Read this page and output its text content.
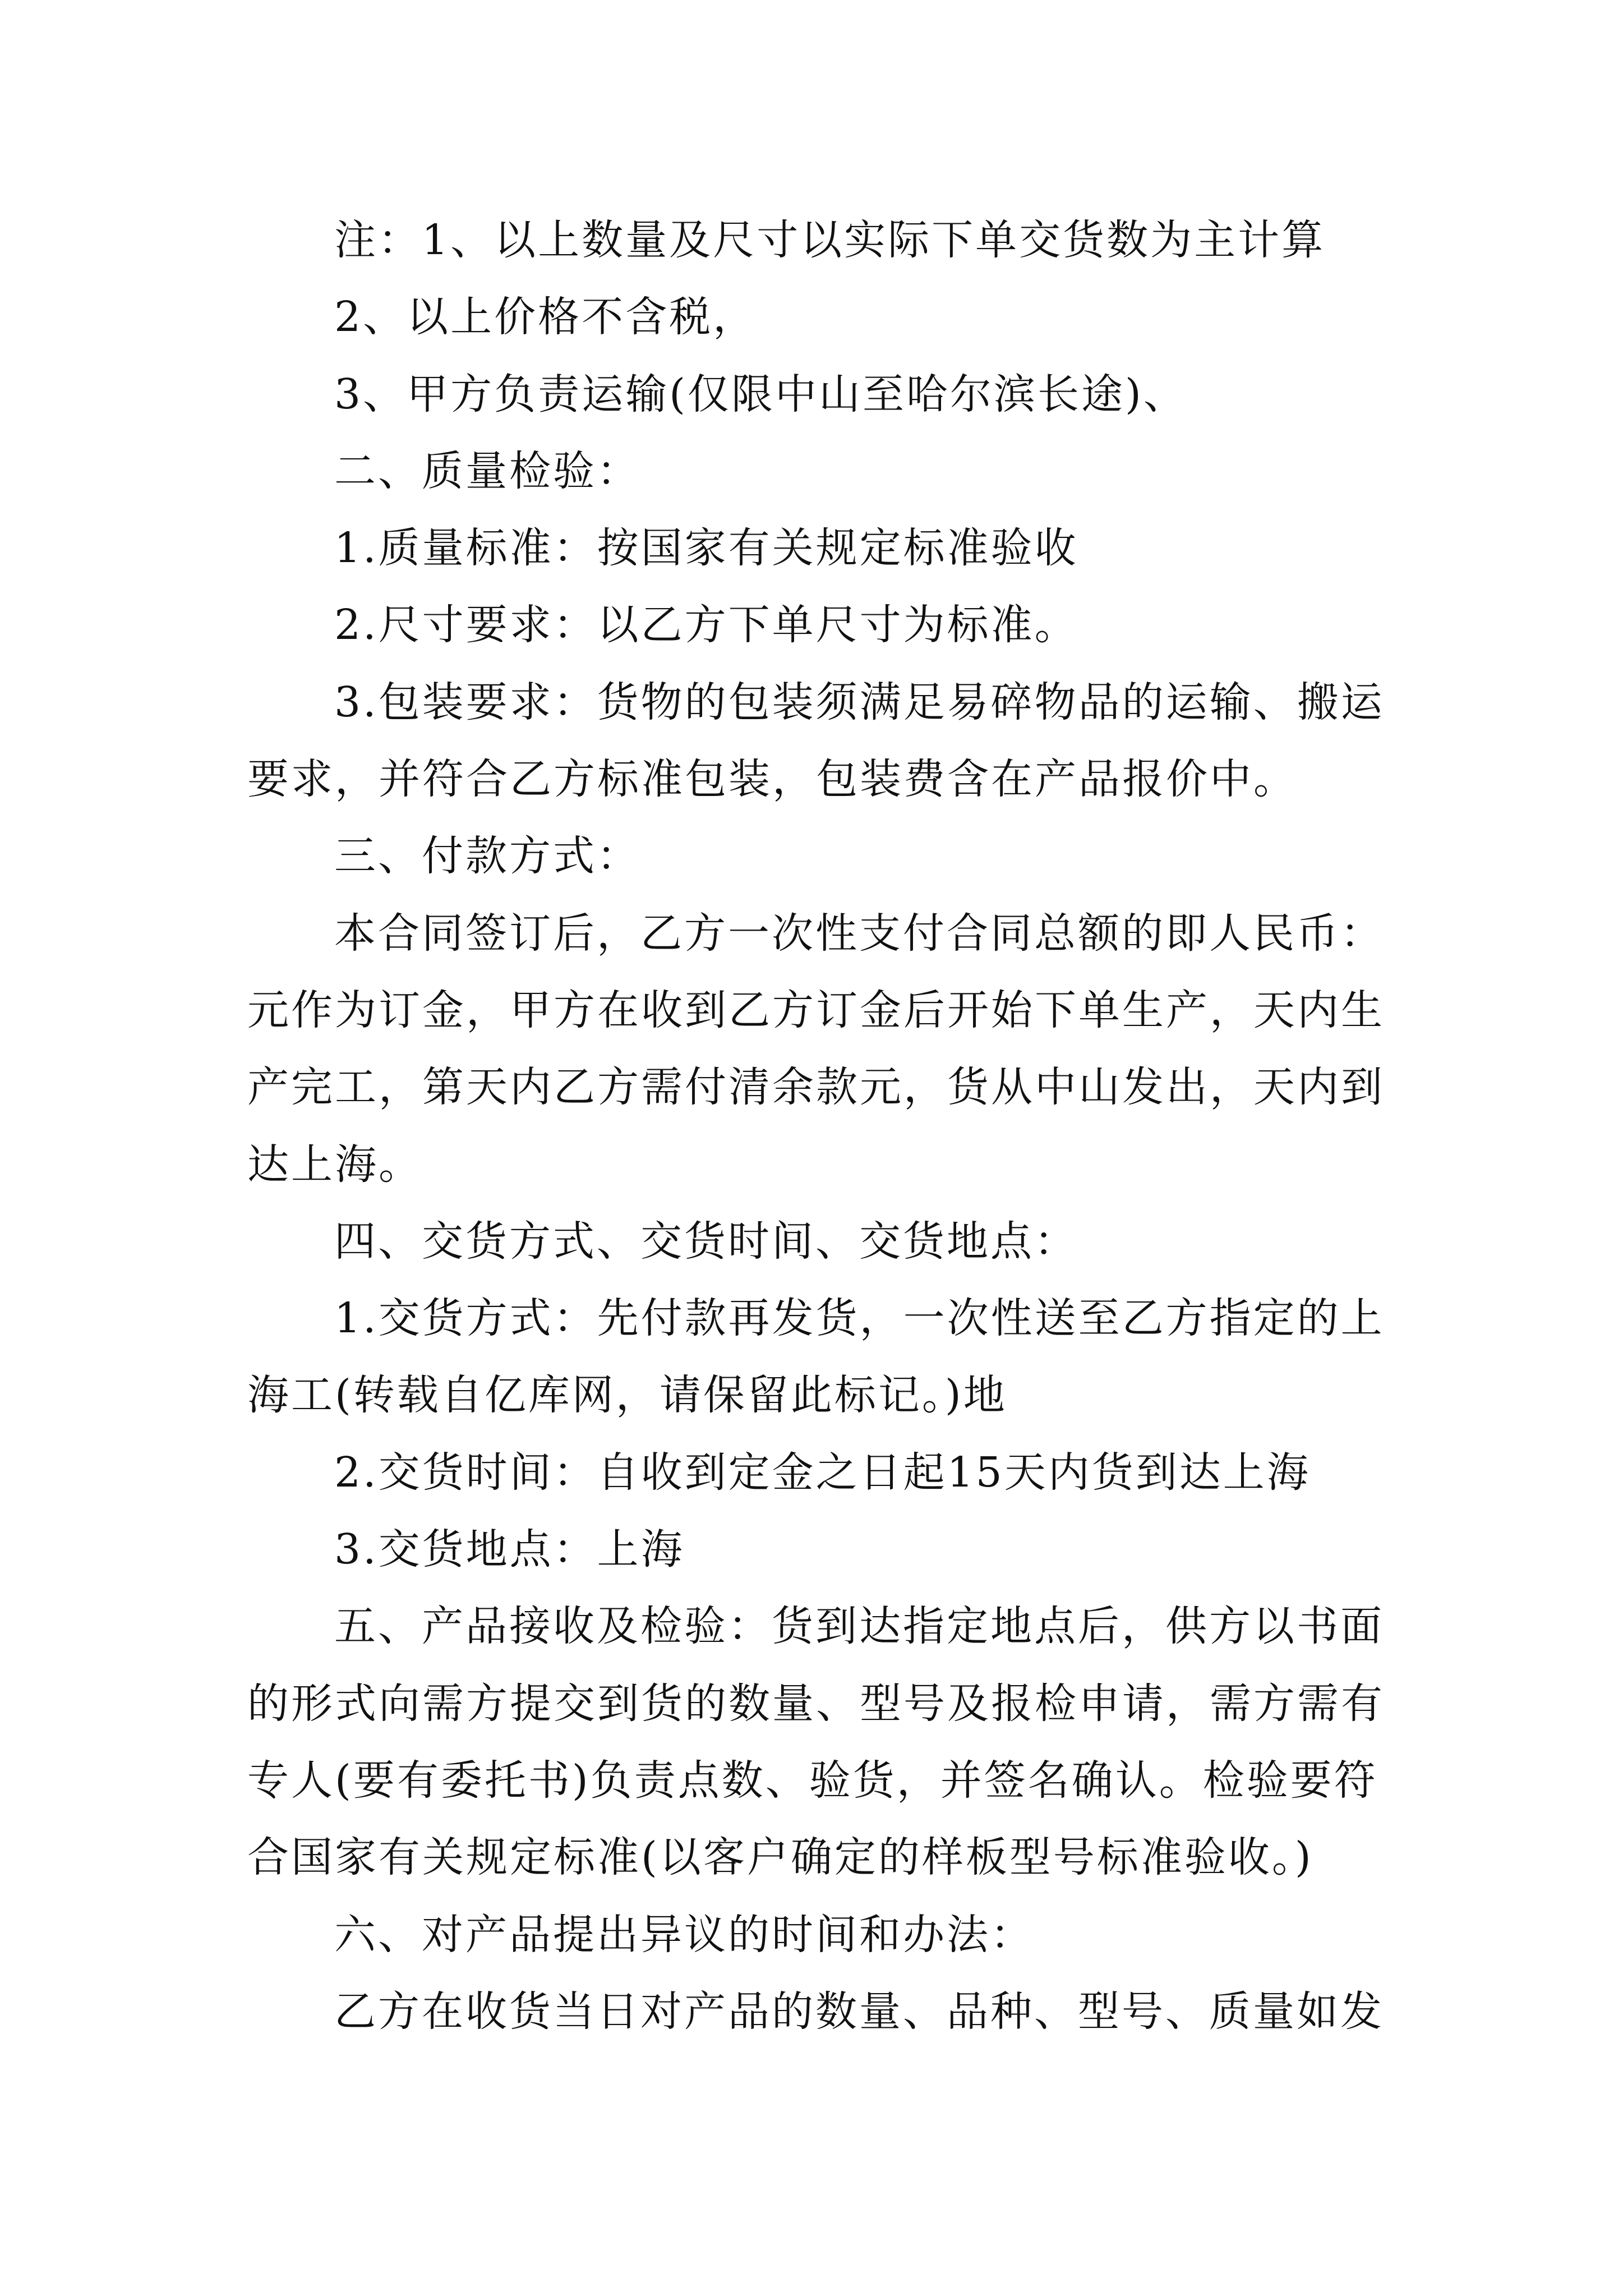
注：1、以上数量及尺寸以实际下单交货数为主计算

2、以上价格不含税，

3、甲方负责运输(仅限中山至哈尔滨长途)、

二、质量检验：

1.质量标准：按国家有关规定标准验收

2.尺寸要求：以乙方下单尺寸为标准。

3.包装要求：货物的包装须满足易碎物品的运输、搬运

要求，并符合乙方标准包装，包装费含在产品报价中。

三、付款方式：

本合同签订后，乙方一次性支付合同总额的即人民币：

元作为订金，甲方在收到乙方订金后开始下单生产，天内生

产完工，第天内乙方需付清余款元，货从中山发出，天内到

达上海。

四、交货方式、交货时间、交货地点：

1.交货方式：先付款再发货，一次性送至乙方指定的上

海工(转载自亿库网，请保留此标记。)地

2.交货时间：自收到定金之日起15天内货到达上海

3.交货地点：上海

五、产品接收及检验：货到达指定地点后，供方以书面

的形式向需方提交到货的数量、型号及报检申请，需方需有

专人(要有委托书)负责点数、验货，并签名确认。检验要符

合国家有关规定标准(以客户确定的样板型号标准验收。)

六、对产品提出异议的时间和办法：

乙方在收货当日对产品的数量、品种、型号、质量如发
